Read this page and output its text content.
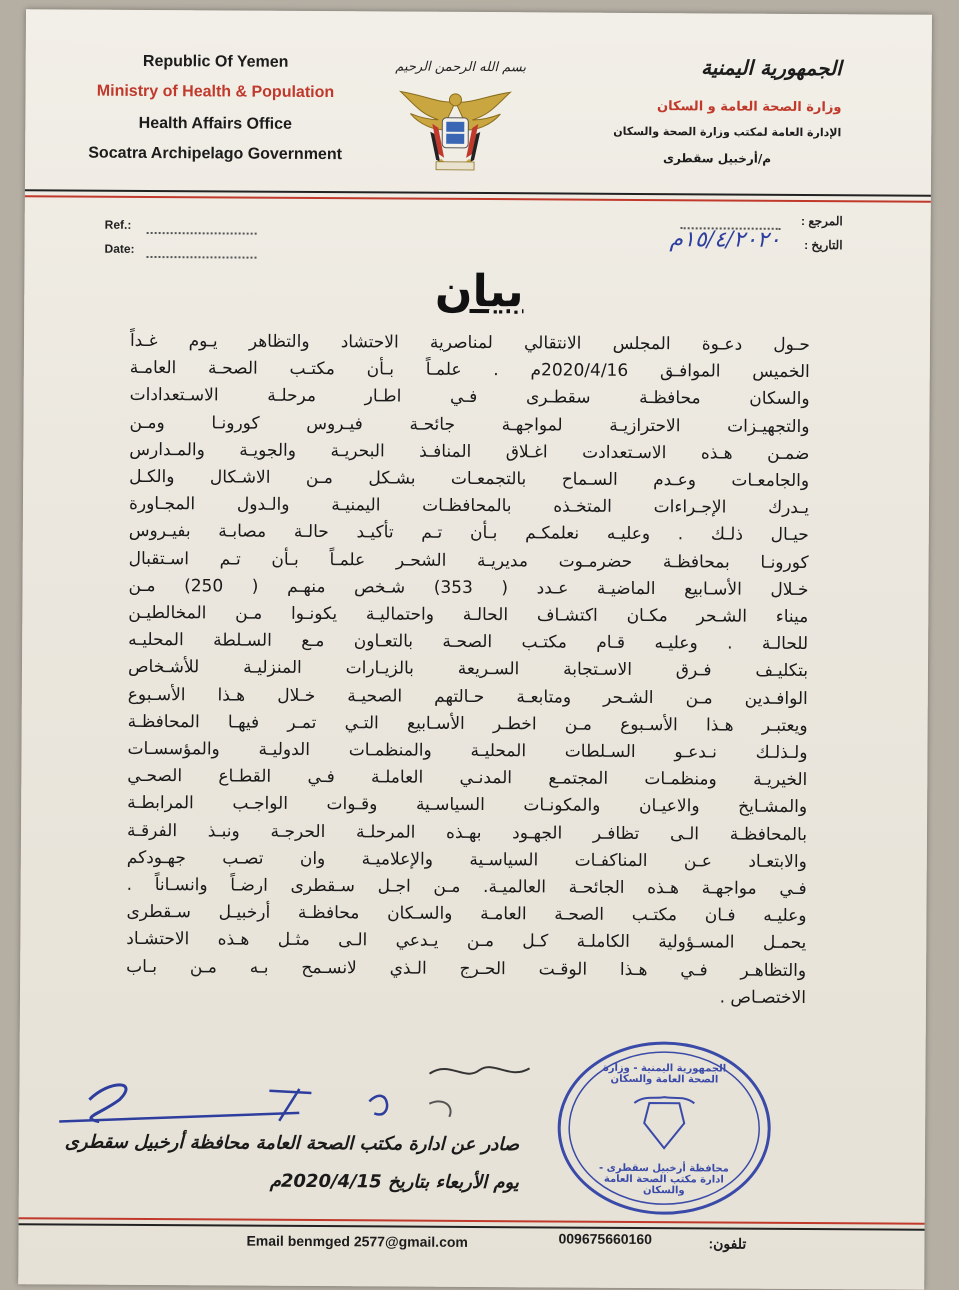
Republic Of Yemen
Ministry of Health & Population
Health Affairs Office
Socatra Archipelago Government
بسم الله الرحمن الرحيم	الجمهورية اليمنية
وزارة الصحة العامة و السكان
الإدارة العامة لمكتب وزارة الصحة والسكان
م/أرخبيل سقطرى
Ref.:
Date:
المرجع :
التاريخ :
١٥/٤/٢٠٢٠م
بيان
حـول دعـوة المجلس الانتقالي لمناصرية الاحتشاد والتظاهر يـوم غـداً
الخميس الموافـق 2020/4/16م . علمـاً بـأن مكتـب الصحـة العامـة
والسكان محافظـة سقطـرى فـي اطـار مرحلـة الاسـتعدادات
والتجهيـزات الاحترازيـة لمواجهـة جائحـة فيـروس كورونـا ومـن
ضمـن هـذه الاسـتعدادت اغـلاق المنافـذ البحريـة والجويـة والمـدارس
والجامعـات وعـدم السـماح بالتجمعـات بشـكل مـن الاشـكال والكـل
يـدرك الإجـراءات المتخـذه بالمحافظـات اليمنيـة والـدول المجـاورة
حيـال ذلـك . وعليـه نعلمكـم بـأن تـم تأكيـد حالـة مصابـة بفيـروس
كورونـا بمحافظـة حضرمـوت مديريـة الشحـر علمـاً بـأن تـم اسـتقبال
خـلال الأسـابيع الماضيـة عـدد ( 353) شـخص منهـم ( 250) مـن
ميناء الشـحر مكـان اكتشـاف الحالـة واحتماليـة يكونـوا مـن المخالطيـن
للحالـة . وعليـه قـام مكتـب الصحـة بالتعـاون مـع السـلطة المحليـه
بتكليـف فـرق الاسـتجابة السـريعة بالزيـارات المنزليـة للأشـخاص
الوافـدين مـن الشـحر ومتابعـة حـالتهم الصحيـة خـلال هـذا الأسـبوع
ويعتبـر هـذا الأسـبوع مـن اخطـر الأسـابيع التـي تمـر فيهـا المحافظـة
ولـذلـك نـدعـو السـلطات المحليـة والمنظمـات الدوليـة والمؤسسـات
الخيريـة ومنظمـات المجتمـع المدنـي العاملـة فـي القطـاع الصحـي
والمشـايخ والاعيـان والمكونـات السياسـية وقـوات الواجـب المرابطـة
بالمحافظـة الـى تظافـر الجهـود بهـذه المرحلـة الحرجـة ونبـذ الفرقـة
والابتعـاد عـن المناكفـات السياسـية والإعلاميـة وان تصـب جهـودكم
فـي مواجهـة هـذه الجائحـة العالميـة. مـن اجـل سـقطرى ارضـاً وانسـاناً .
وعليـه فـان مكتـب الصحـة العامـة والسـكان محافظـة أرخبيـل سـقطرى
يحمـل المسـؤولية الكاملـة كـل مـن يـدعي الـى مثـل هـذه الاحتشـاد
والتظاهـر فـي هـذا الوقـت الحـرج الـذي لانسـمح بـه مـن بـاب
الاختصـاص .
الجمهورية اليمنية - وزارة الصحة العامة والسكان
محافظة أرخبيل سقطرى - ادارة مكتب الصحة العامة والسكان
صادر عن ادارة مكتب الصحة العامة محافظة أرخبيل سقطرى
يوم الأربعاء بتاريخ 2020/4/15م
Email benmged 2577@gmail.com	009675660160	تلفون:
